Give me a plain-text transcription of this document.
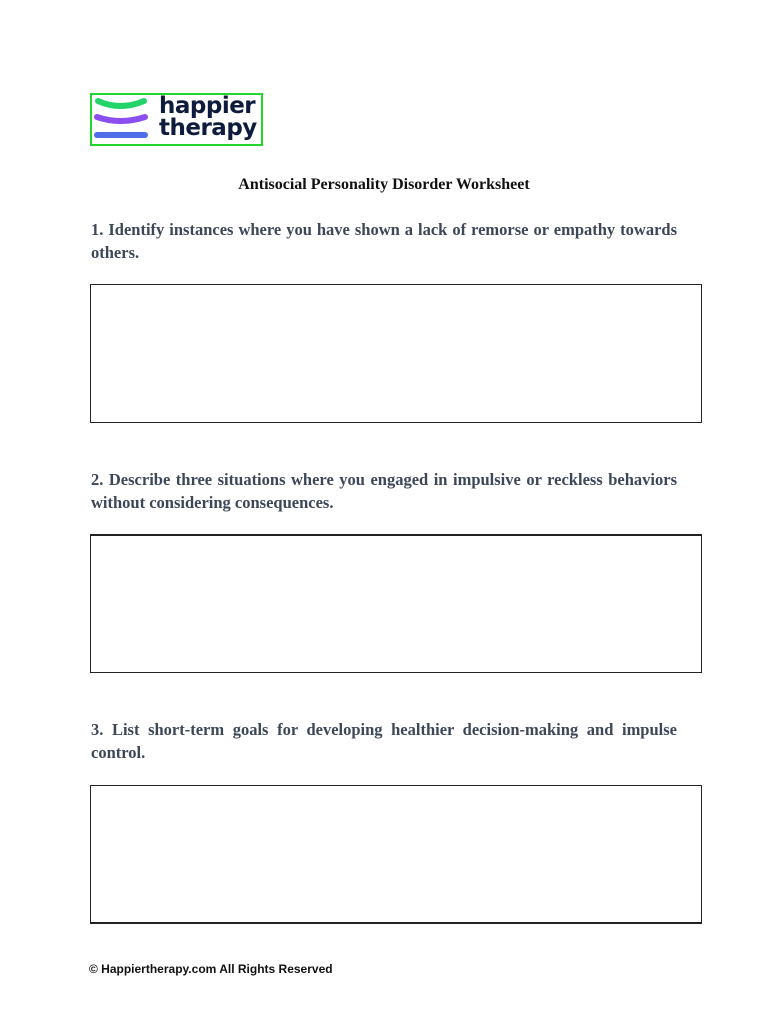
happier
therapy
Antisocial Personality Disorder Worksheet
1. Identify instances where you have shown a lack of remorse or empathy towards others.
2. Describe three situations where you engaged in impulsive or reckless behaviors without considering consequences.
3. List short-term goals for developing healthier decision-making and impulse control.
© Happiertherapy.com All Rights Reserved
